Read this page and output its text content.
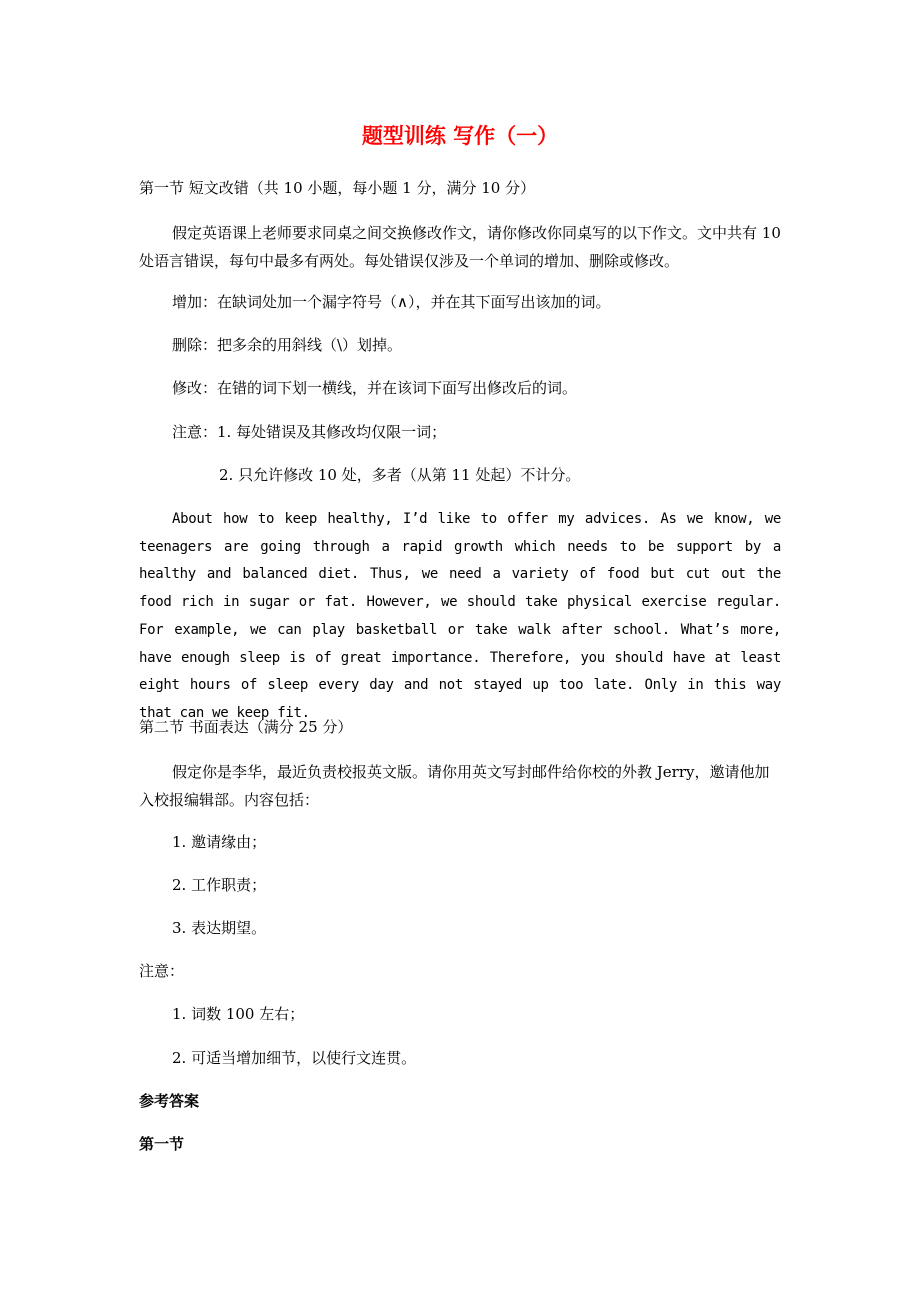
题型训练 写作（一）
第一节 短文改错（共 10 小题，每小题 1 分，满分 10 分）
假定英语课上老师要求同桌之间交换修改作文，请你修改你同桌写的以下作文。文中共有 10 处语言错误，每句中最多有两处。每处错误仅涉及一个单词的增加、删除或修改。
增加：在缺词处加一个漏字符号（∧），并在其下面写出该加的词。
删除：把多余的用斜线（\）划掉。
修改：在错的词下划一横线，并在该词下面写出修改后的词。
注意：1. 每处错误及其修改均仅限一词；
2. 只允许修改 10 处，多者（从第 11 处起）不计分。
About how to keep healthy, I’d like to offer my advices. As we know, we teenagers are going through a rapid growth which needs to be support by a healthy and balanced diet. Thus, we need a variety of food but cut out the food rich in sugar or fat. However, we should take physical exercise regular. For example, we can play basketball or take walk after school. What’s more, have enough sleep is of great importance. Therefore, you should have at least eight hours of sleep every day and not stayed up too late. Only in this way that can we keep fit.
第二节 书面表达（满分 25 分）
假定你是李华，最近负责校报英文版。请你用英文写封邮件给你校的外教 Jerry，邀请他加入校报编辑部。内容包括：
1. 邀请缘由；
2. 工作职责；
3. 表达期望。
注意：
1. 词数 100 左右；
2. 可适当增加细节，以使行文连贯。
参考答案
第一节
